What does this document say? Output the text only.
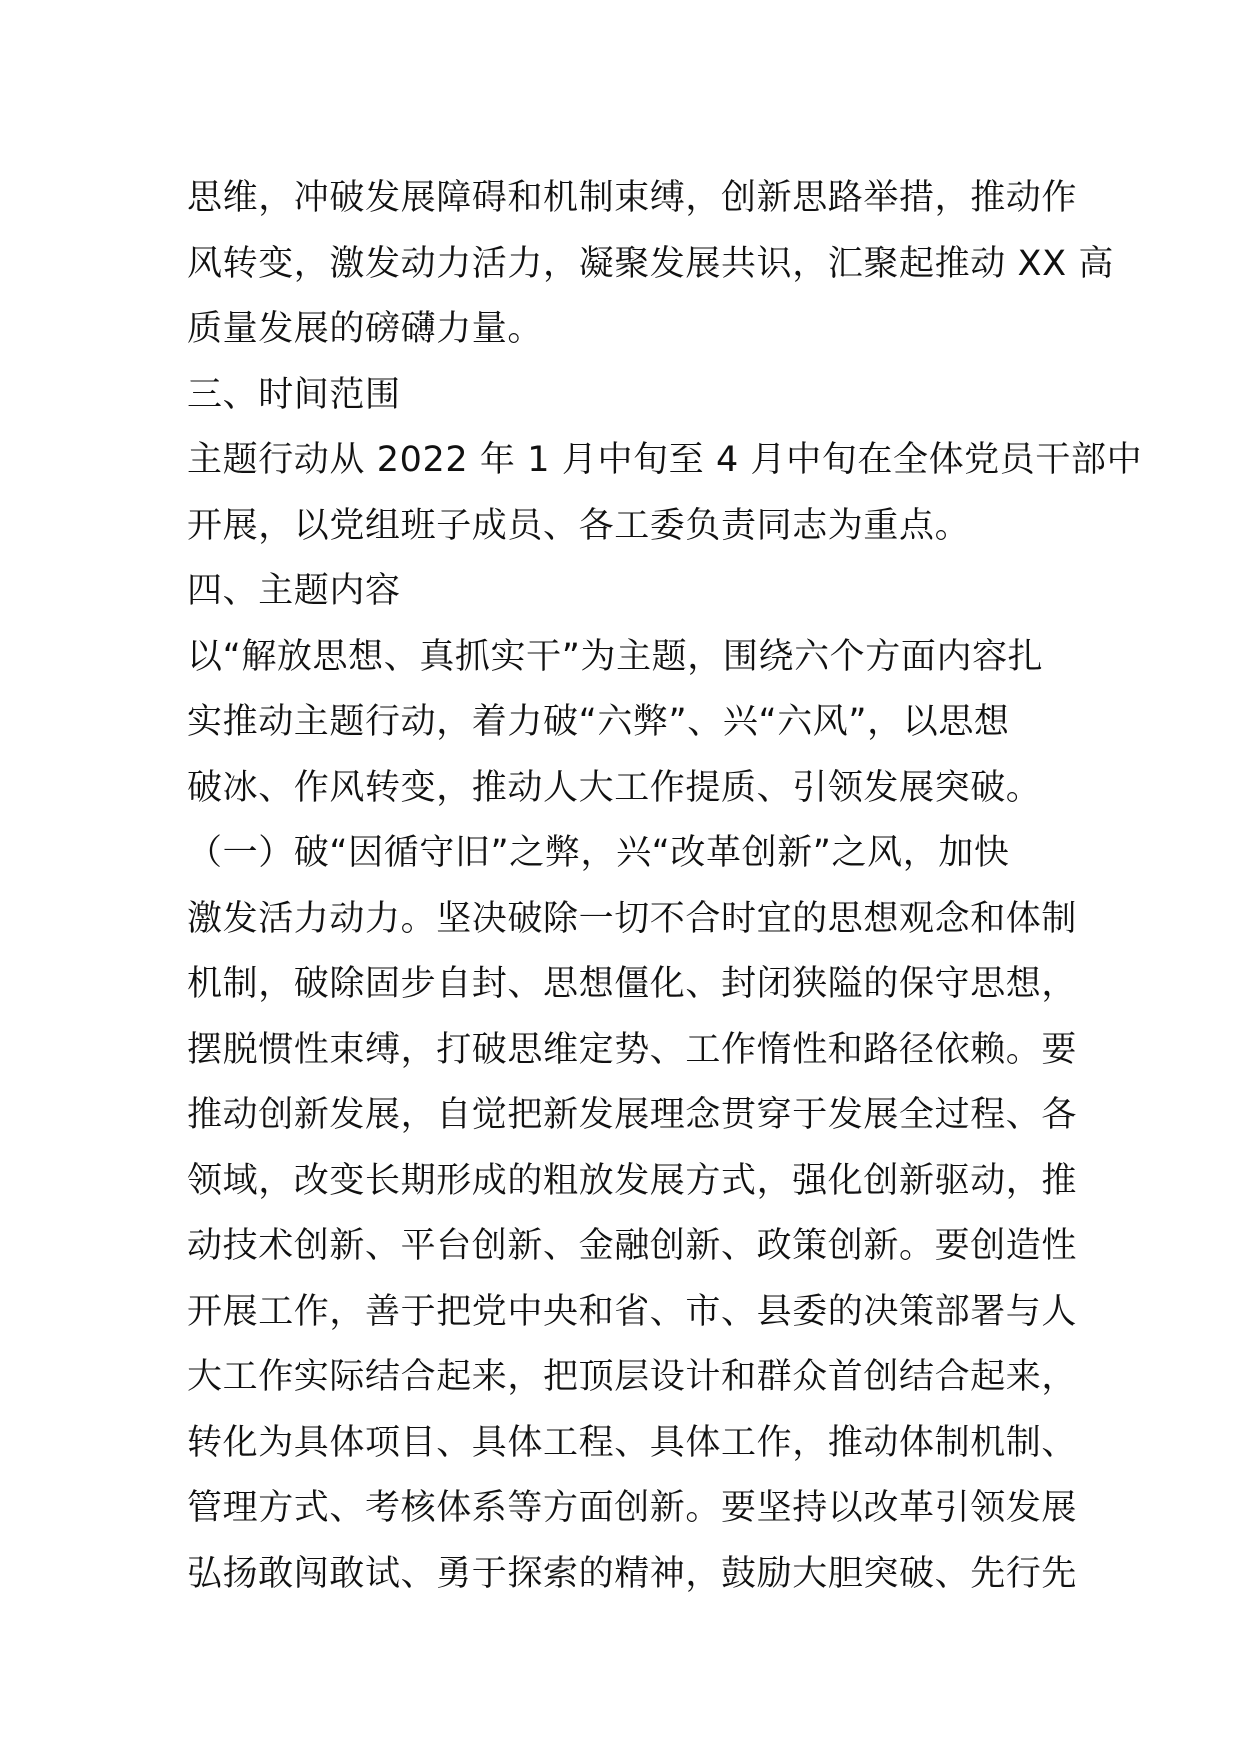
思维，冲破发展障碍和机制束缚，创新思路举措，推动作
风转变，激发动力活力，凝聚发展共识，汇聚起推动 XX 高
质量发展的磅礴力量。
三、时间范围
主题行动从 2022 年 1 月中旬至 4 月中旬在全体党员干部中
开展，以党组班子成员、各工委负责同志为重点。
四、主题内容
以“解放思想、真抓实干”为主题，围绕六个方面内容扎
实推动主题行动，着力破“六弊”、兴“六风”，以思想
破冰、作风转变，推动人大工作提质、引领发展突破。
（一）破“因循守旧”之弊，兴“改革创新”之风，加快
激发活力动力。坚决破除一切不合时宜的思想观念和体制
机制，破除固步自封、思想僵化、封闭狭隘的保守思想，
摆脱惯性束缚，打破思维定势、工作惰性和路径依赖。要
推动创新发展，自觉把新发展理念贯穿于发展全过程、各
领域，改变长期形成的粗放发展方式，强化创新驱动，推
动技术创新、平台创新、金融创新、政策创新。要创造性
开展工作，善于把党中央和省、市、县委的决策部署与人
大工作实际结合起来，把顶层设计和群众首创结合起来，
转化为具体项目、具体工程、具体工作，推动体制机制、
管理方式、考核体系等方面创新。要坚持以改革引领发展
弘扬敢闯敢试、勇于探索的精神，鼓励大胆突破、先行先
